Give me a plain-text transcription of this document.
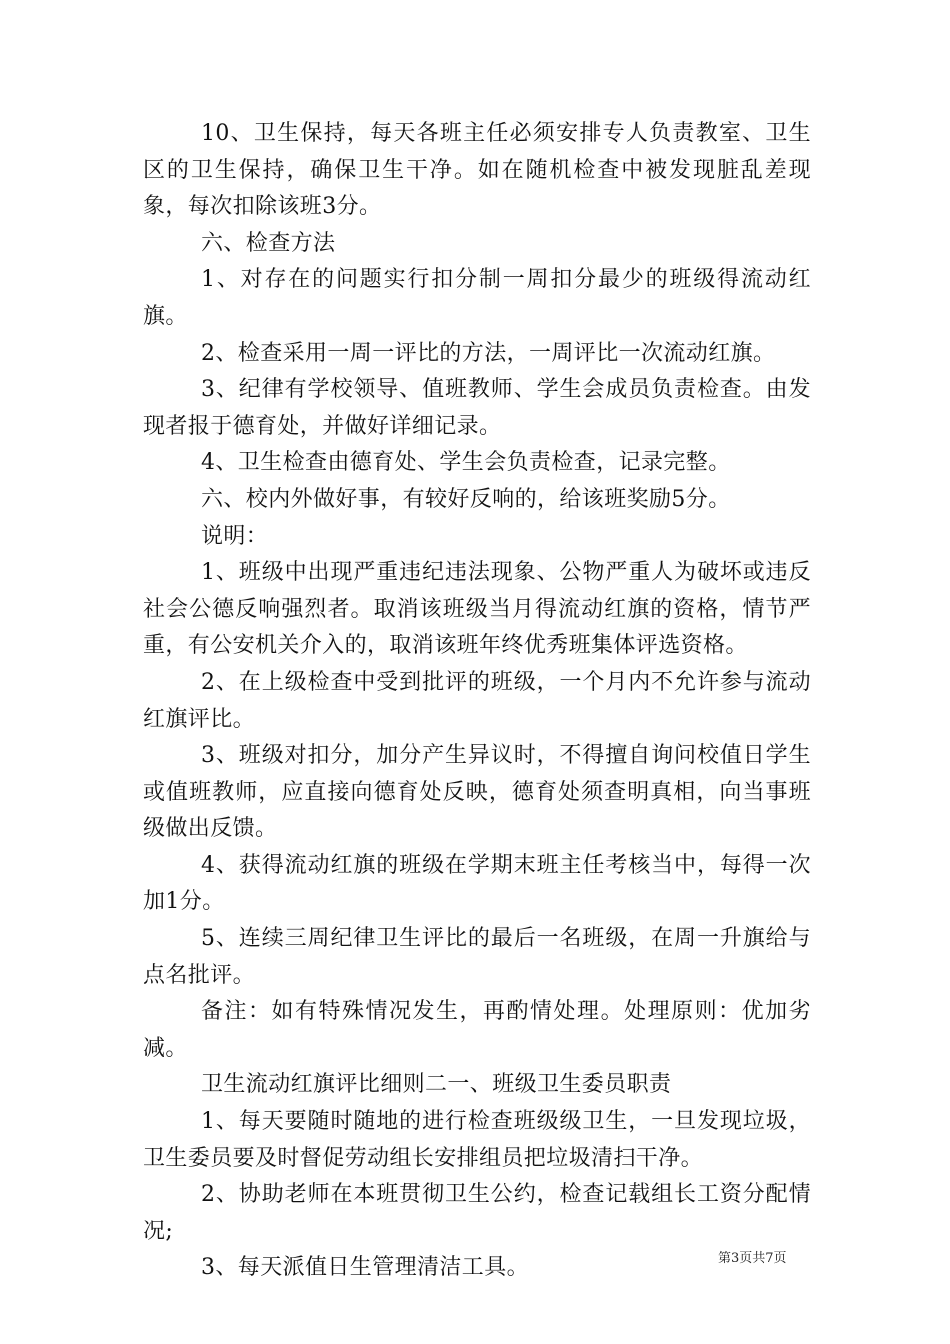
10、卫生保持，每天各班主任必须安排专人负责教室、卫生区的卫生保持，确保卫生干净。如在随机检查中被发现脏乱差现象，每次扣除该班3分。

六、检查方法

1、对存在的问题实行扣分制一周扣分最少的班级得流动红旗。

2、检查采用一周一评比的方法，一周评比一次流动红旗。

3、纪律有学校领导、值班教师、学生会成员负责检查。由发现者报于德育处，并做好详细记录。

4、卫生检查由德育处、学生会负责检查，记录完整。

六、校内外做好事，有较好反响的，给该班奖励5分。

说明：

1、班级中出现严重违纪违法现象、公物严重人为破坏或违反社会公德反响强烈者。取消该班级当月得流动红旗的资格，情节严重，有公安机关介入的，取消该班年终优秀班集体评选资格。

2、在上级检查中受到批评的班级，一个月内不允许参与流动红旗评比。

3、班级对扣分，加分产生异议时，不得擅自询问校值日学生或值班教师，应直接向德育处反映，德育处须查明真相，向当事班级做出反馈。

4、获得流动红旗的班级在学期末班主任考核当中，每得一次加1分。

5、连续三周纪律卫生评比的最后一名班级，在周一升旗给与点名批评。

备注：如有特殊情况发生，再酌情处理。处理原则：优加劣减。

卫生流动红旗评比细则二一、班级卫生委员职责

1、每天要随时随地的进行检查班级级卫生，一旦发现垃圾，卫生委员要及时督促劳动组长安排组员把垃圾清扫干净。

2、协助老师在本班贯彻卫生公约，检查记载组长工资分配情况;

3、每天派值日生管理清洁工具。	第3页共7页
